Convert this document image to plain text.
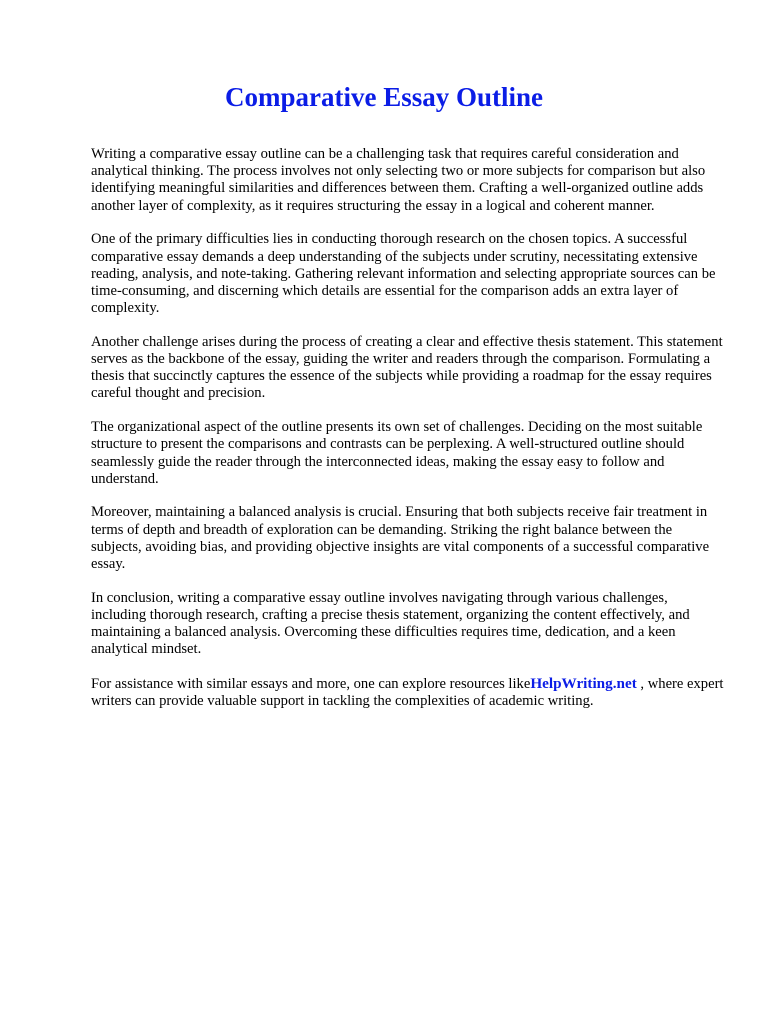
Comparative Essay Outline

Writing a comparative essay outline can be a challenging task that requires careful consideration and analytical thinking. The process involves not only selecting two or more subjects for comparison but also identifying meaningful similarities and differences between them. Crafting a well-organized outline adds another layer of complexity, as it requires structuring the essay in a logical and coherent manner.

One of the primary difficulties lies in conducting thorough research on the chosen topics. A successful comparative essay demands a deep understanding of the subjects under scrutiny, necessitating extensive reading, analysis, and note-taking. Gathering relevant information and selecting appropriate sources can be time-consuming, and discerning which details are essential for the comparison adds an extra layer of complexity.

Another challenge arises during the process of creating a clear and effective thesis statement. This statement serves as the backbone of the essay, guiding the writer and readers through the comparison. Formulating a thesis that succinctly captures the essence of the subjects while providing a roadmap for the essay requires careful thought and precision.

The organizational aspect of the outline presents its own set of challenges. Deciding on the most suitable structure to present the comparisons and contrasts can be perplexing. A well-structured outline should seamlessly guide the reader through the interconnected ideas, making the essay easy to follow and understand.

Moreover, maintaining a balanced analysis is crucial. Ensuring that both subjects receive fair treatment in terms of depth and breadth of exploration can be demanding. Striking the right balance between the subjects, avoiding bias, and providing objective insights are vital components of a successful comparative essay.

In conclusion, writing a comparative essay outline involves navigating through various challenges, including thorough research, crafting a precise thesis statement, organizing the content effectively, and maintaining a balanced analysis. Overcoming these difficulties requires time, dedication, and a keen analytical mindset.

For assistance with similar essays and more, one can explore resources likeHelpWriting.net , where expert writers can provide valuable support in tackling the complexities of academic writing.
